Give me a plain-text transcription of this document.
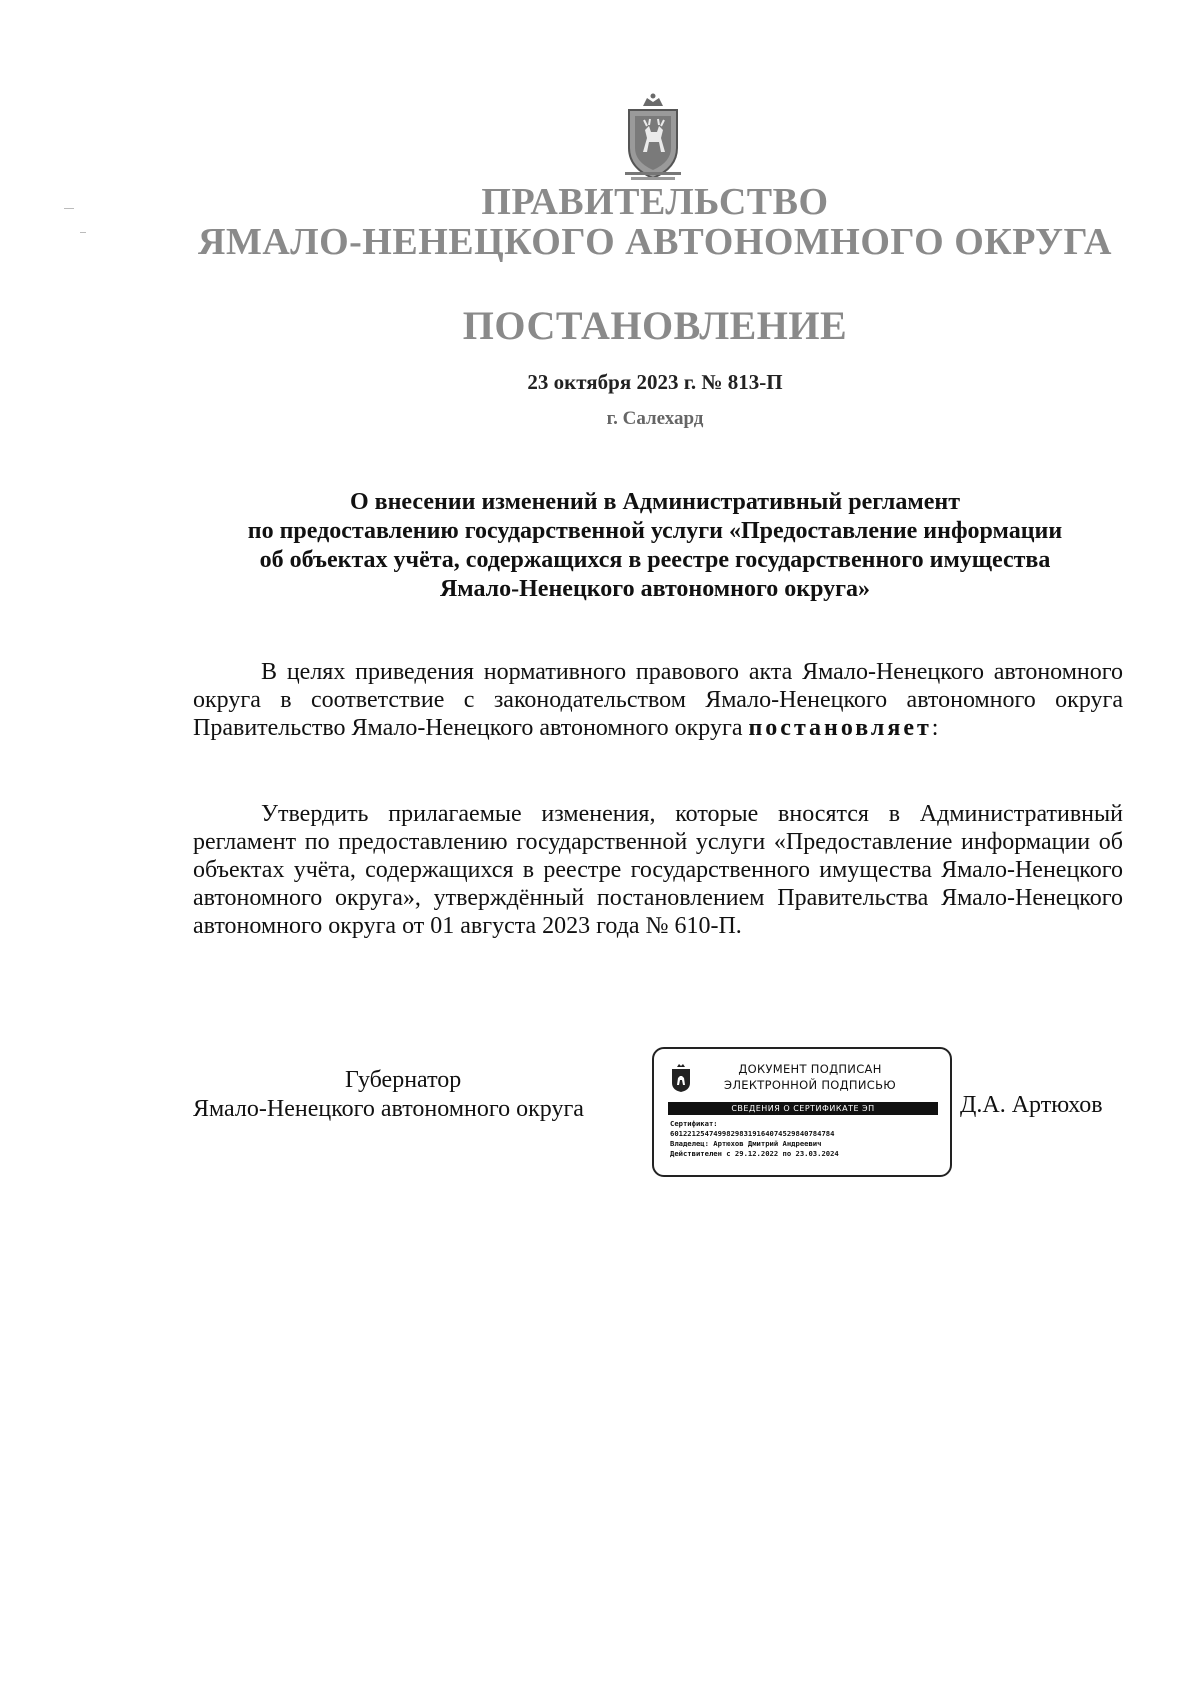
ПРАВИТЕЛЬСТВО
ЯМАЛО-НЕНЕЦКОГО АВТОНОМНОГО ОКРУГА
ПОСТАНОВЛЕНИЕ
23 октября 2023 г. № 813-П
г. Салехард
О внесении изменений в Административный регламент
по предоставлению государственной услуги «Предоставление информации
об объектах учёта, содержащихся в реестре государственного имущества
Ямало-Ненецкого автономного округа»
В целях приведения нормативного правового акта Ямало-Ненецкого автономного округа в соответствие с законодательством Ямало-Ненецкого автономного округа Правительство Ямало-Ненецкого автономного округа постановляет:
Утвердить прилагаемые изменения, которые вносятся в Административный регламент по предоставлению государственной услуги «Предоставление информации об объектах учёта, содержащихся в реестре государственного имущества Ямало-Ненецкого автономного округа», утверждённый постановлением Правительства Ямало-Ненецкого автономного округа от 01 августа 2023 года № 610-П.
Губернатор
Ямало-Ненецкого автономного округа
ДОКУМЕНТ ПОДПИСАН
ЭЛЕКТРОННОЙ ПОДПИСЬЮ
СВЕДЕНИЯ О СЕРТИФИКАТЕ ЭП
Сертификат:
60122125474998298319164074529840784784
Владелец: Артюхов Дмитрий Андреевич
Действителен с 29.12.2022 по 23.03.2024
Д.А. Артюхов
